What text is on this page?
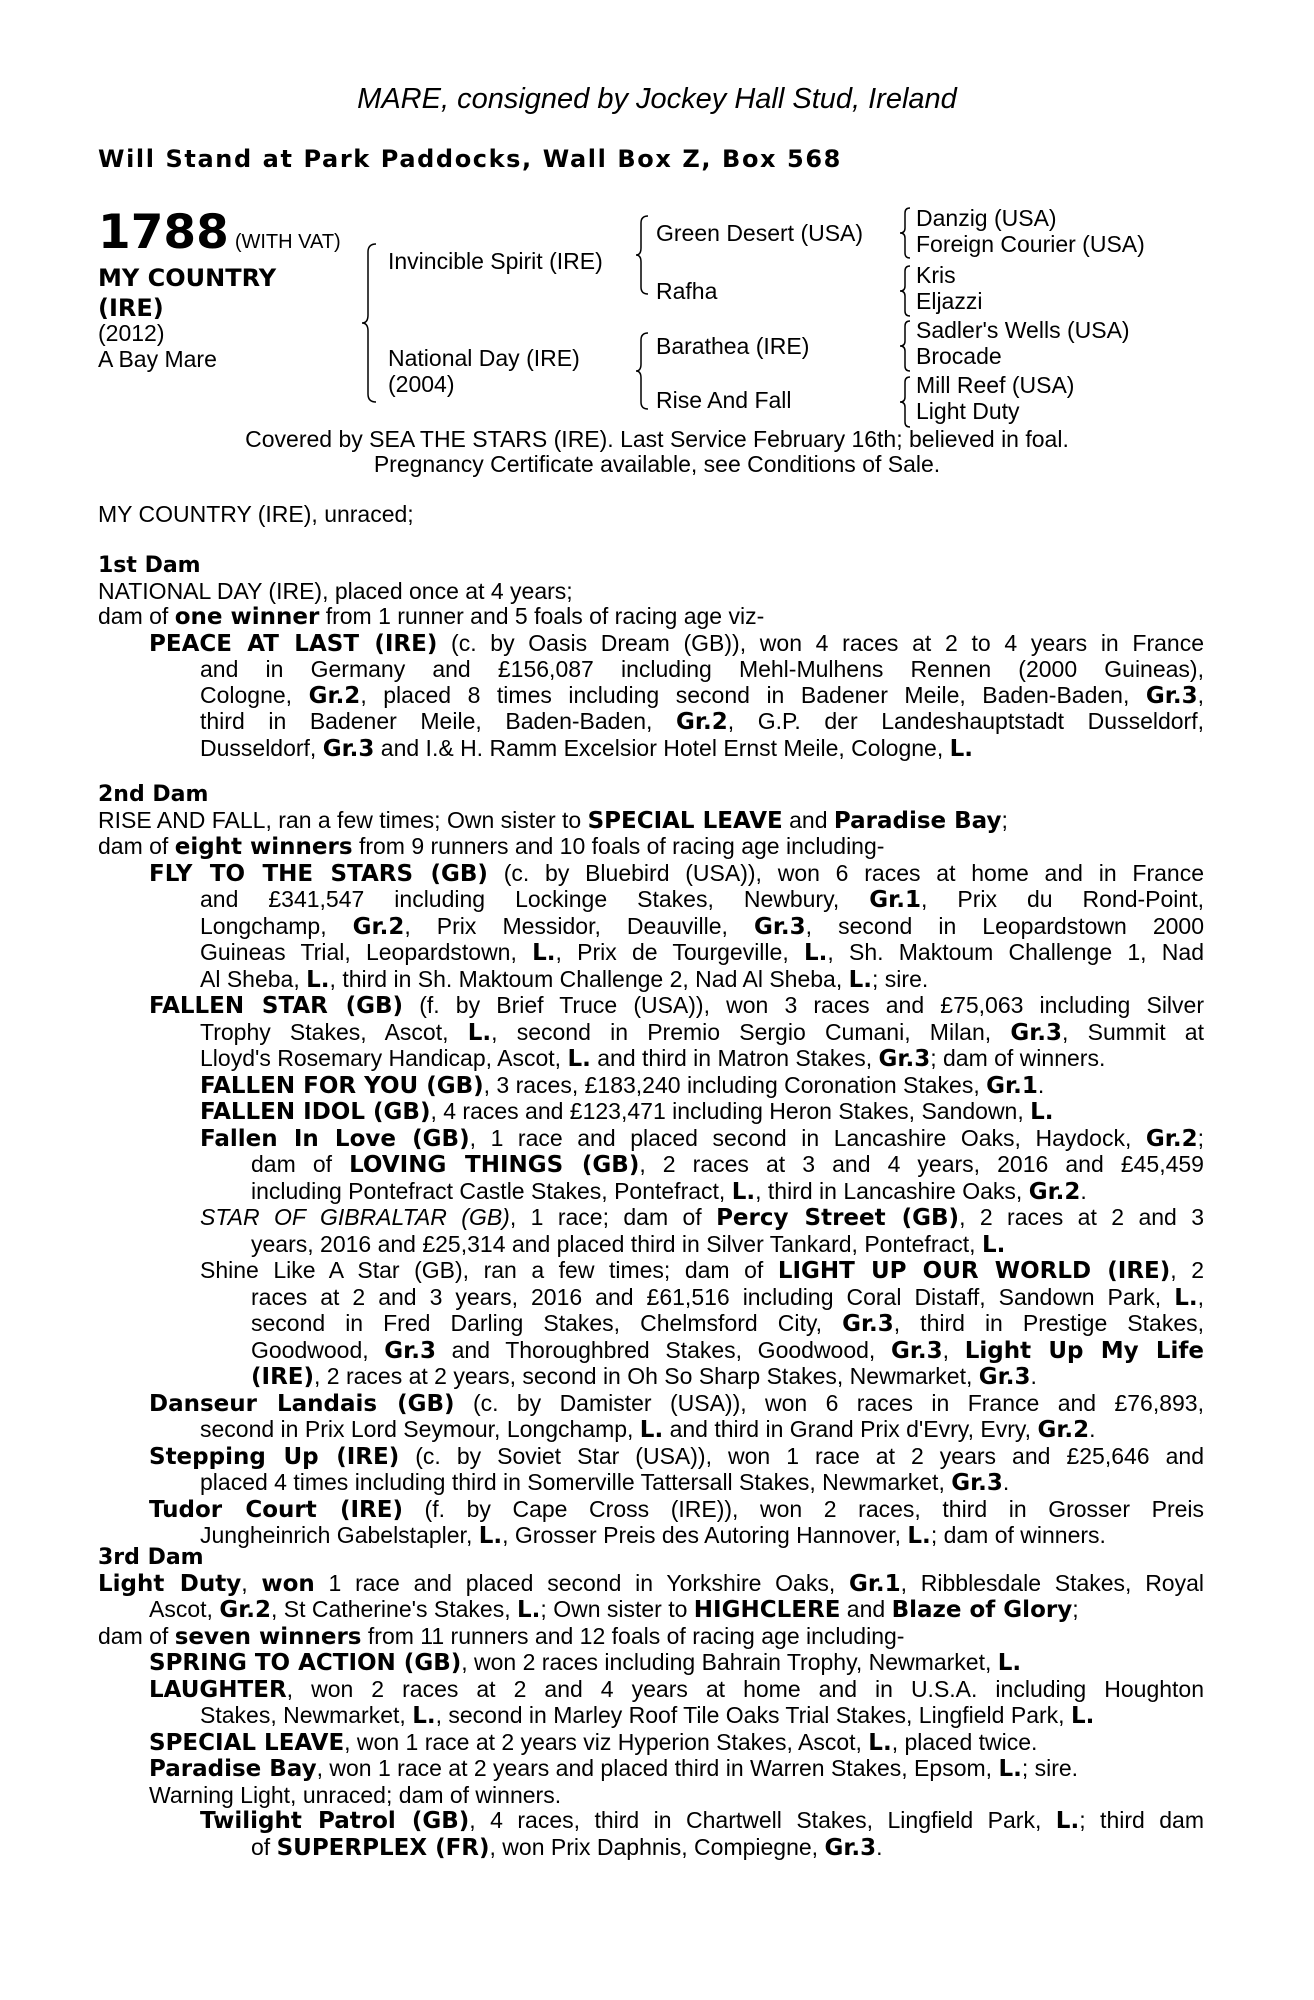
MARE, consigned by Jockey Hall Stud, Ireland
Will Stand at Park Paddocks, Wall Box Z, Box 568
1788 (WITH VAT)
MY COUNTRY
(IRE)
(2012)
A Bay Mare
Invincible Spirit (IRE)
National Day (IRE)
(2004)
Green Desert (USA)
Rafha
Barathea (IRE)
Rise And Fall
Danzig (USA)
Foreign Courier (USA)
Kris
Eljazzi
Sadler's Wells (USA)
Brocade
Mill Reef (USA)
Light Duty
Covered by SEA THE STARS (IRE). Last Service February 16th; believed in foal.
Pregnancy Certificate available, see Conditions of Sale.
MY COUNTRY (IRE), unraced;

1st Dam

NATIONAL DAY (IRE), placed once at 4 years;

dam of one winner from 1 runner and 5 foals of racing age viz-

PEACE AT LAST (IRE) (c. by Oasis Dream (GB)), won 4 races at 2 to 4 years in France

and in Germany and £156,087 including Mehl-Mulhens Rennen (2000 Guineas),

Cologne, Gr.2, placed 8 times including second in Badener Meile, Baden-Baden, Gr.3,

third in Badener Meile, Baden-Baden, Gr.2, G.P. der Landeshauptstadt Dusseldorf,

Dusseldorf, Gr.3 and I.& H. Ramm Excelsior Hotel Ernst Meile, Cologne, L.

2nd Dam

RISE AND FALL, ran a few times; Own sister to SPECIAL LEAVE and Paradise Bay;

dam of eight winners from 9 runners and 10 foals of racing age including-

FLY TO THE STARS (GB) (c. by Bluebird (USA)), won 6 races at home and in France

and £341,547 including Lockinge Stakes, Newbury, Gr.1, Prix du Rond-Point,

Longchamp, Gr.2, Prix Messidor, Deauville, Gr.3, second in Leopardstown 2000

Guineas Trial, Leopardstown, L., Prix de Tourgeville, L., Sh. Maktoum Challenge 1, Nad

Al Sheba, L., third in Sh. Maktoum Challenge 2, Nad Al Sheba, L.; sire.

FALLEN STAR (GB) (f. by Brief Truce (USA)), won 3 races and £75,063 including Silver

Trophy Stakes, Ascot, L., second in Premio Sergio Cumani, Milan, Gr.3, Summit at

Lloyd's Rosemary Handicap, Ascot, L. and third in Matron Stakes, Gr.3; dam of winners.

FALLEN FOR YOU (GB), 3 races, £183,240 including Coronation Stakes, Gr.1.

FALLEN IDOL (GB), 4 races and £123,471 including Heron Stakes, Sandown, L.

Fallen In Love (GB), 1 race and placed second in Lancashire Oaks, Haydock, Gr.2;

dam of LOVING THINGS (GB), 2 races at 3 and 4 years, 2016 and £45,459

including Pontefract Castle Stakes, Pontefract, L., third in Lancashire Oaks, Gr.2.

STAR OF GIBRALTAR (GB), 1 race; dam of Percy Street (GB), 2 races at 2 and 3

years, 2016 and £25,314 and placed third in Silver Tankard, Pontefract, L.

Shine Like A Star (GB), ran a few times; dam of LIGHT UP OUR WORLD (IRE), 2

races at 2 and 3 years, 2016 and £61,516 including Coral Distaff, Sandown Park, L.,

second in Fred Darling Stakes, Chelmsford City, Gr.3, third in Prestige Stakes,

Goodwood, Gr.3 and Thoroughbred Stakes, Goodwood, Gr.3, Light Up My Life

(IRE), 2 races at 2 years, second in Oh So Sharp Stakes, Newmarket, Gr.3.

Danseur Landais (GB) (c. by Damister (USA)), won 6 races in France and £76,893,

second in Prix Lord Seymour, Longchamp, L. and third in Grand Prix d'Evry, Evry, Gr.2.

Stepping Up (IRE) (c. by Soviet Star (USA)), won 1 race at 2 years and £25,646 and

placed 4 times including third in Somerville Tattersall Stakes, Newmarket, Gr.3.

Tudor Court (IRE) (f. by Cape Cross (IRE)), won 2 races, third in Grosser Preis

Jungheinrich Gabelstapler, L., Grosser Preis des Autoring Hannover, L.; dam of winners.

3rd Dam

Light Duty, won 1 race and placed second in Yorkshire Oaks, Gr.1, Ribblesdale Stakes, Royal

Ascot, Gr.2, St Catherine's Stakes, L.; Own sister to HIGHCLERE and Blaze of Glory;

dam of seven winners from 11 runners and 12 foals of racing age including-

SPRING TO ACTION (GB), won 2 races including Bahrain Trophy, Newmarket, L.

LAUGHTER, won 2 races at 2 and 4 years at home and in U.S.A. including Houghton

Stakes, Newmarket, L., second in Marley Roof Tile Oaks Trial Stakes, Lingfield Park, L.

SPECIAL LEAVE, won 1 race at 2 years viz Hyperion Stakes, Ascot, L., placed twice.

Paradise Bay, won 1 race at 2 years and placed third in Warren Stakes, Epsom, L.; sire.

Warning Light, unraced; dam of winners.

Twilight Patrol (GB), 4 races, third in Chartwell Stakes, Lingfield Park, L.; third dam

of SUPERPLEX (FR), won Prix Daphnis, Compiegne, Gr.3.
